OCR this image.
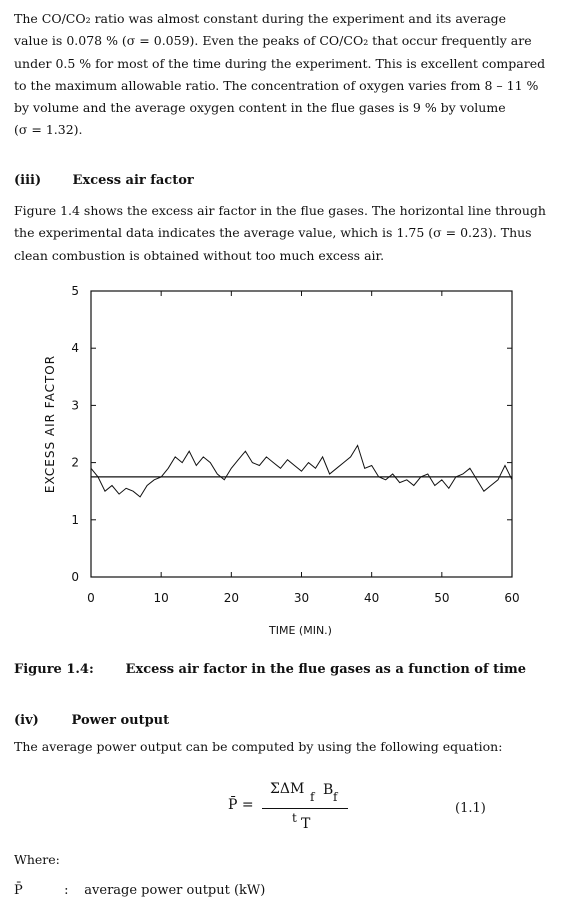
The CO/CO₂ ratio was almost constant during the experiment and its average
value is 0.078 % (σ = 0.059). Even the peaks of CO/CO₂ that occur frequently are
under 0.5 % for most of the time during the experiment. This is excellent compared
to the maximum allowable ratio. The concentration of oxygen varies from 8 – 11 %
by volume and the average oxygen content in the flue gases is 9 % by volume
(σ = 1.32).
(iii) Excess air factor
Figure 1.4 shows the excess air factor in the flue gases. The horizontal line through
the experimental data indicates the average value, which is 1.75 (σ = 0.23). Thus
clean combustion is obtained without too much excess air.
0	10	20	30	40	50	60
0
1
2
3
4
5
TIME (MIN.)
EXCESS AIR FACTOR
Figure 1.4: Excess air factor in the flue gases as a function of time
(iv)	Power output
The average power output can be computed by using the following equation:
P̄ =
ΣΔM f B f
t T
(1.1)
Where:
P̄	: average power output (kW)
